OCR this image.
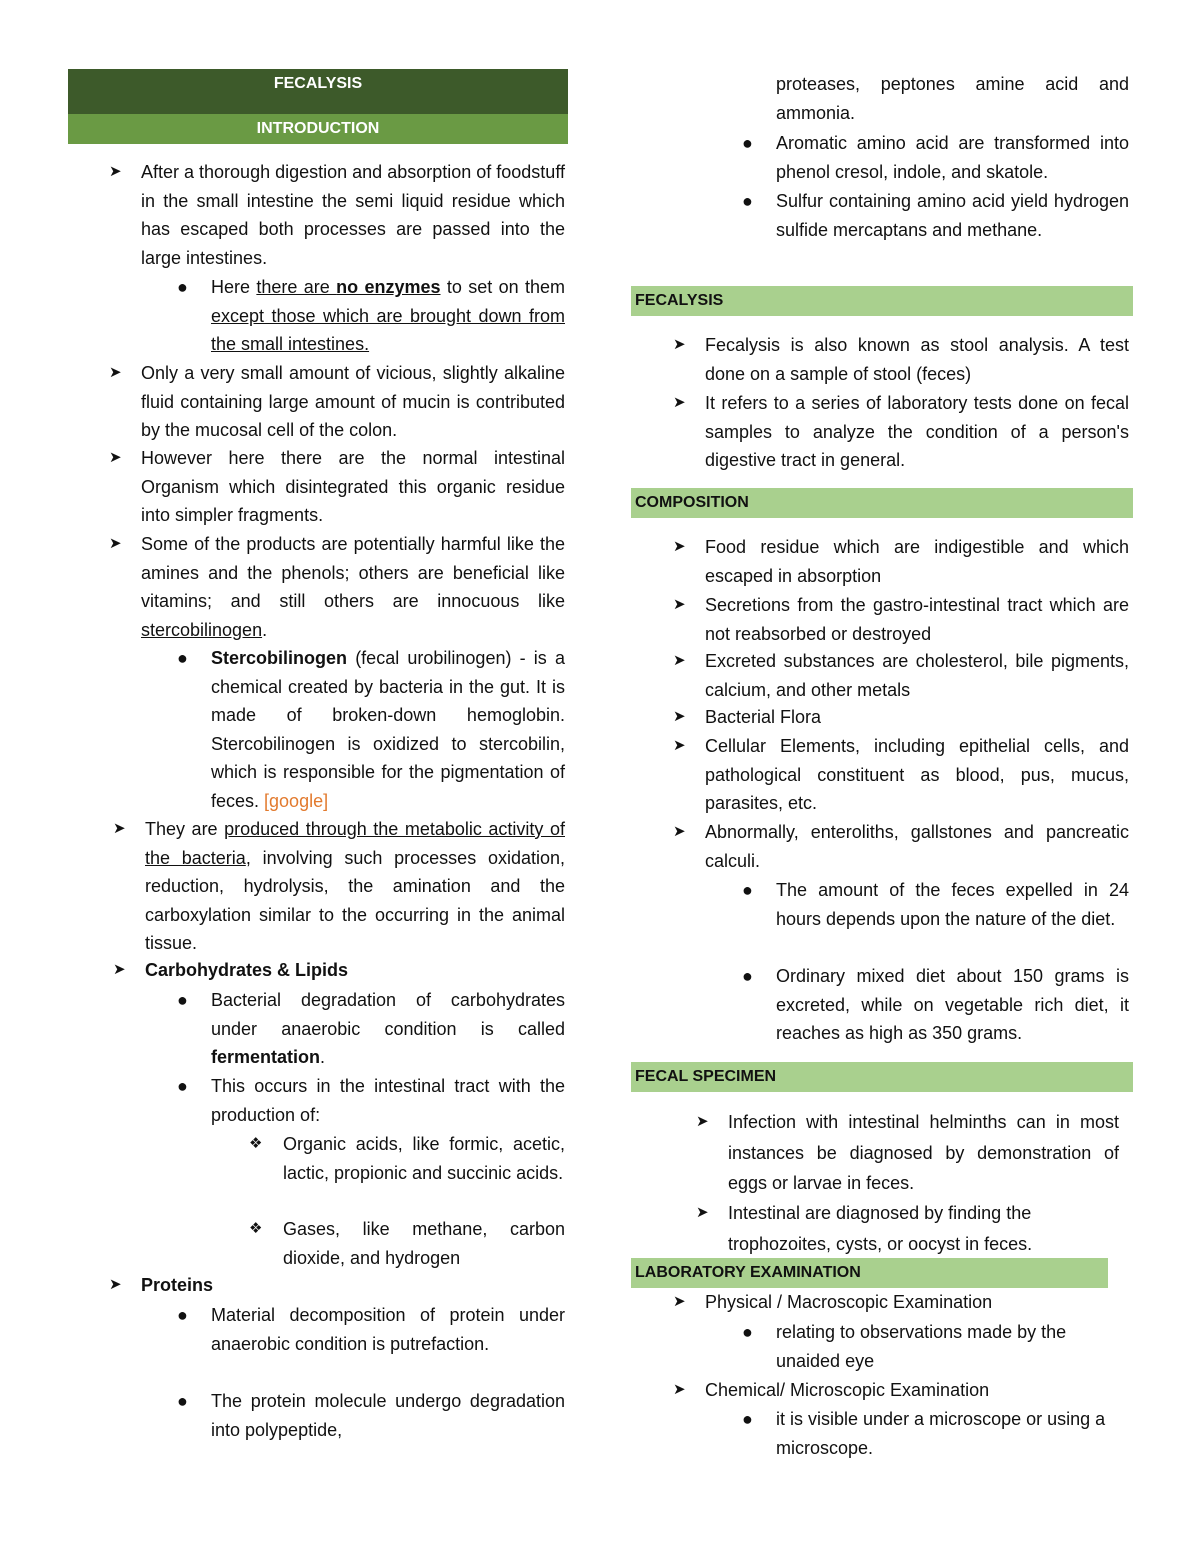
FECALYSIS
INTRODUCTION
➤ After a thorough digestion and absorption of foodstuff in the small intestine the semi liquid residue which has escaped both processes are passed into the large intestines.
● Here there are no enzymes to set on them except those which are brought down from the small intestines.
➤ Only a very small amount of vicious, slightly alkaline fluid containing large amount of mucin is contributed by the mucosal cell of the colon.
➤ However here there are the normal intestinal Organism which disintegrated this organic residue into simpler fragments.
➤ Some of the products are potentially harmful like the amines and the phenols; others are beneficial like vitamins; and still others are innocuous like stercobilinogen.
● Stercobilinogen (fecal urobilinogen) - is a chemical created by bacteria in the gut. It is made of broken-down hemoglobin. Stercobilinogen is oxidized to stercobilin, which is responsible for the pigmentation of feces. [google]
➤ They are produced through the metabolic activity of the bacteria, involving such processes oxidation, reduction, hydrolysis, the amination and the carboxylation similar to the occurring in the animal tissue.
➤ Carbohydrates & Lipids
● Bacterial degradation of carbohydrates under anaerobic condition is called fermentation.
● This occurs in the intestinal tract with the production of:
❖ Organic acids, like formic, acetic, lactic, propionic and succinic acids.
❖ Gases, like methane, carbon dioxide, and hydrogen
➤ Proteins
● Material decomposition of protein under anaerobic condition is putrefaction.
● The protein molecule undergo degradation into polypeptide,
proteases, peptones amine acid and ammonia.
● Aromatic amino acid are transformed into phenol cresol, indole, and skatole.
● Sulfur containing amino acid yield hydrogen sulfide mercaptans and methane.
FECALYSIS
➤ Fecalysis is also known as stool analysis. A test done on a sample of stool (feces)
➤ It refers to a series of laboratory tests done on fecal samples to analyze the condition of a person's digestive tract in general.
COMPOSITION
➤ Food residue which are indigestible and which escaped in absorption
➤ Secretions from the gastro-intestinal tract which are not reabsorbed or destroyed
➤ Excreted substances are cholesterol, bile pigments, calcium, and other metals
➤ Bacterial Flora
➤ Cellular Elements, including epithelial cells, and pathological constituent as blood, pus, mucus, parasites, etc.
➤ Abnormally, enteroliths, gallstones and pancreatic calculi.
● The amount of the feces expelled in 24 hours depends upon the nature of the diet.
● Ordinary mixed diet about 150 grams is excreted, while on vegetable rich diet, it reaches as high as 350 grams.
FECAL SPECIMEN
➤ Infection with intestinal helminths can in most instances be diagnosed by demonstration of eggs or larvae in feces.
➤ Intestinal are diagnosed by finding the trophozoites, cysts, or oocyst in feces.
LABORATORY EXAMINATION
➤ Physical / Macroscopic Examination
● relating to observations made by the unaided eye
➤ Chemical/ Microscopic Examination
● it is visible under a microscope or using a microscope.
